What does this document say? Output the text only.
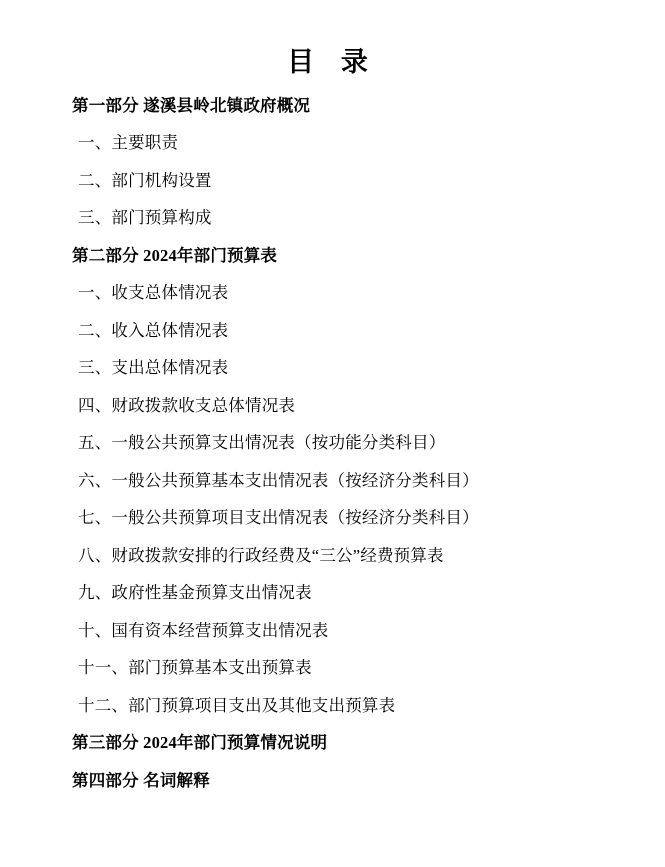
目 录
第一部分 遂溪县岭北镇政府概况
一、主要职责
二、部门机构设置
三、部门预算构成
第二部分 2024年部门预算表
一、收支总体情况表
二、收入总体情况表
三、支出总体情况表
四、财政拨款收支总体情况表
五、一般公共预算支出情况表（按功能分类科目）
六、一般公共预算基本支出情况表（按经济分类科目）
七、一般公共预算项目支出情况表（按经济分类科目）
八、财政拨款安排的行政经费及“三公”经费预算表
九、政府性基金预算支出情况表
十、国有资本经营预算支出情况表
十一、部门预算基本支出预算表
十二、部门预算项目支出及其他支出预算表
第三部分 2024年部门预算情况说明
第四部分 名词解释
